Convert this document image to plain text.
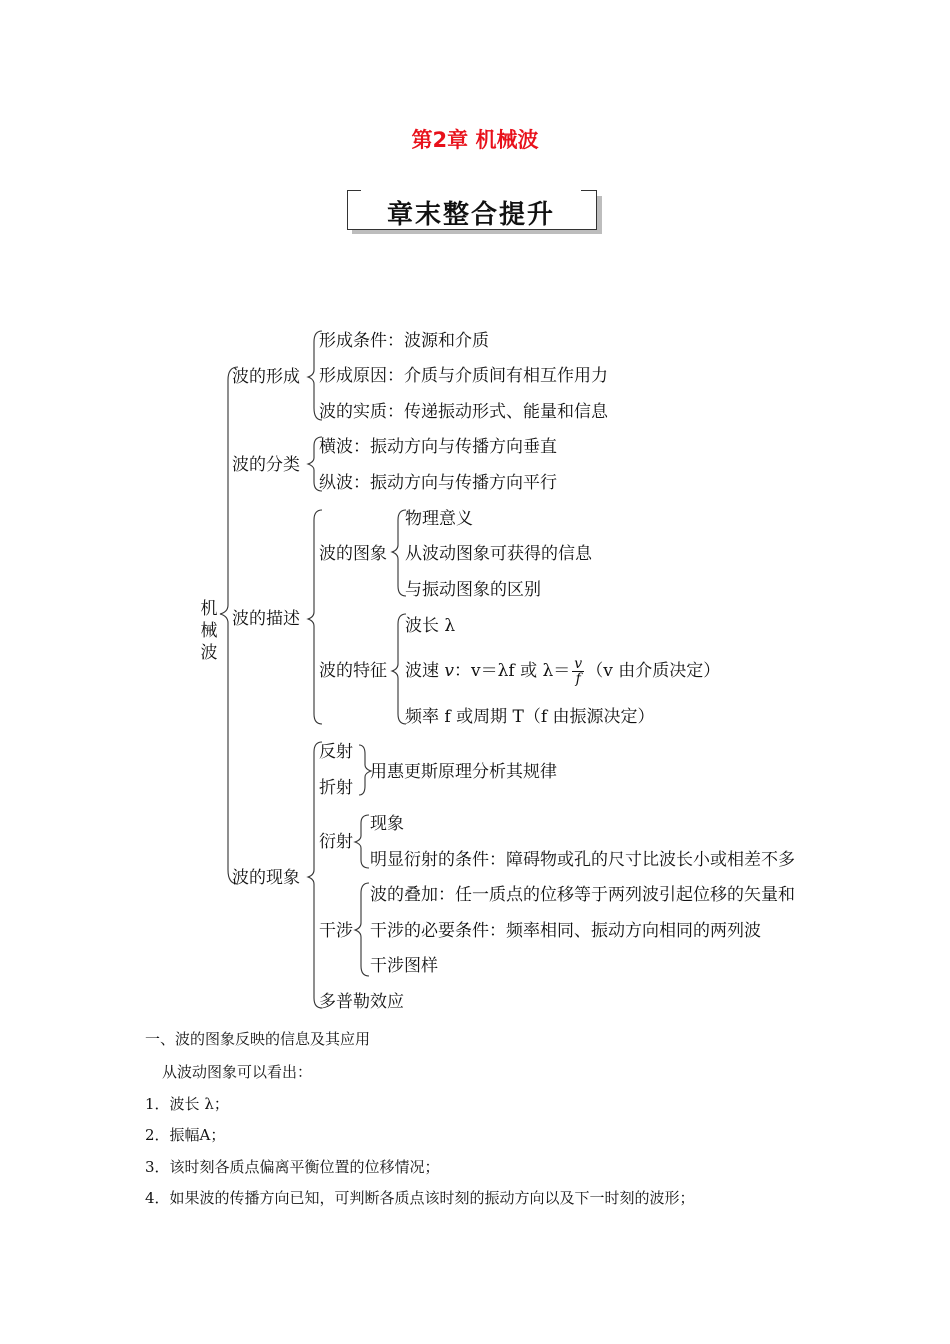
第2章 机械波
章末整合提升
机械波
波的形成
形成条件：波源和介质
形成原因：介质与介质间有相互作用力
波的实质：传递振动形式、能量和信息
波的分类
横波：振动方向与传播方向垂直
纵波：振动方向与传播方向平行
波的描述
波的图象
物理意义
从波动图象可获得的信息
与振动图象的区别
波的特征
波长 λ
波速 v：v＝λf 或 $\lambda= \frac{v}{f} (v$ 由介质决定）
频率 f 或周期 T（f 由振源决定）
波的现象
反射
折射
用惠更斯原理分析其规律
衍射
现象
明显衍射的条件：障碍物或孔的尺寸比波长小或相差不多
干涉
波的叠加：任一质点的位移等于两列波引起位移的矢量和
干涉的必要条件：频率相同、振动方向相同的两列波
干涉图样
多普勒效应
一、波的图象反映的信息及其应用
从波动图象可以看出：
1．波长 λ；
2．振幅A；
3．该时刻各质点偏离平衡位置的位移情况；
4．如果波的传播方向已知，可判断各质点该时刻的振动方向以及下一时刻的波形；
